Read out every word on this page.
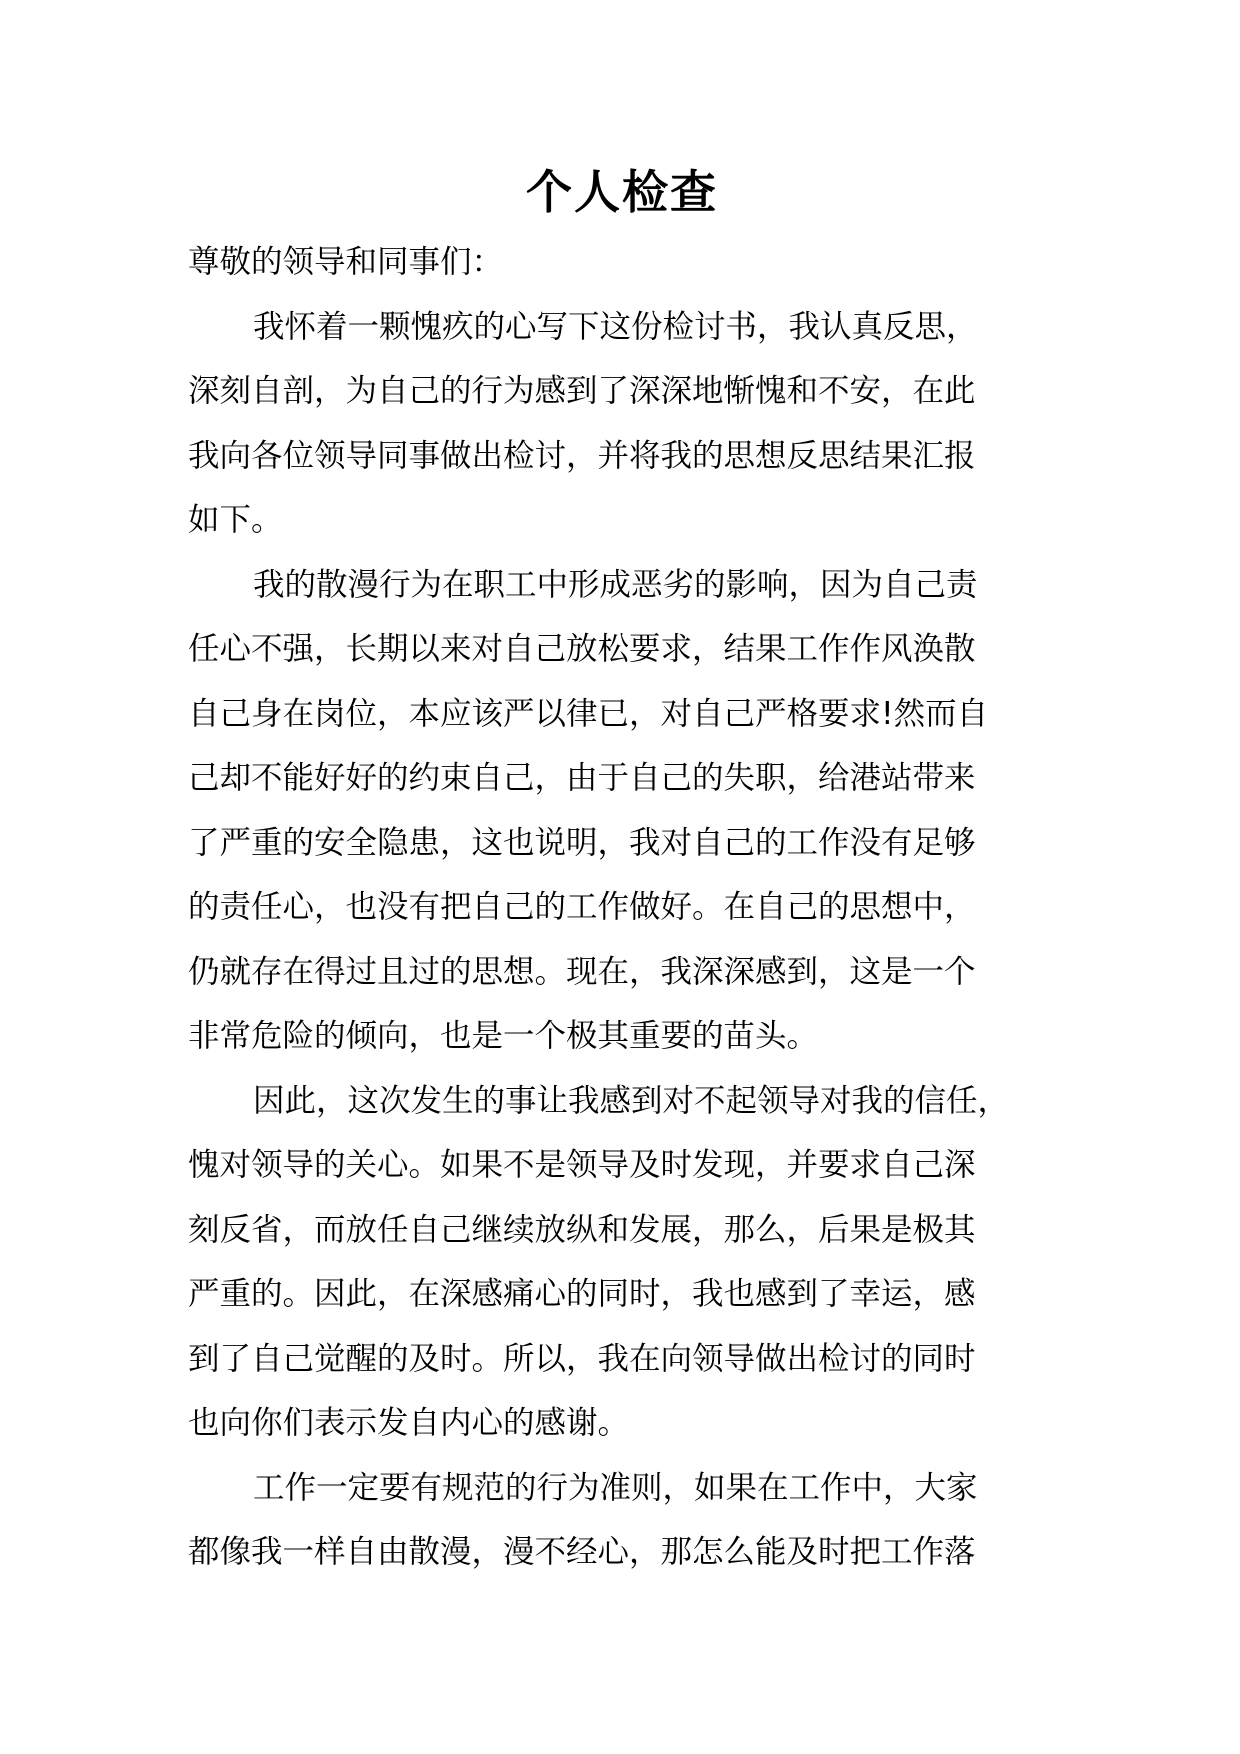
个人检查
尊敬的领导和同事们：
我怀着一颗愧疚的心写下这份检讨书，我认真反思，
深刻自剖，为自己的行为感到了深深地惭愧和不安，在此
我向各位领导同事做出检讨，并将我的思想反思结果汇报
如下。
我的散漫行为在职工中形成恶劣的影响，因为自己责
任心不强，长期以来对自己放松要求，结果工作作风涣散
自己身在岗位，本应该严以律已，对自己严格要求!然而自
己却不能好好的约束自己，由于自己的失职，给港站带来
了严重的安全隐患，这也说明，我对自己的工作没有足够
的责任心，也没有把自己的工作做好。在自己的思想中，
仍就存在得过且过的思想。现在，我深深感到，这是一个
非常危险的倾向，也是一个极其重要的苗头。
因此，这次发生的事让我感到对不起领导对我的信任，
愧对领导的关心。如果不是领导及时发现，并要求自己深
刻反省，而放任自己继续放纵和发展，那么，后果是极其
严重的。因此，在深感痛心的同时，我也感到了幸运，感
到了自己觉醒的及时。所以，我在向领导做出检讨的同时
也向你们表示发自内心的感谢。
工作一定要有规范的行为准则，如果在工作中，大家
都像我一样自由散漫，漫不经心，那怎么能及时把工作落
